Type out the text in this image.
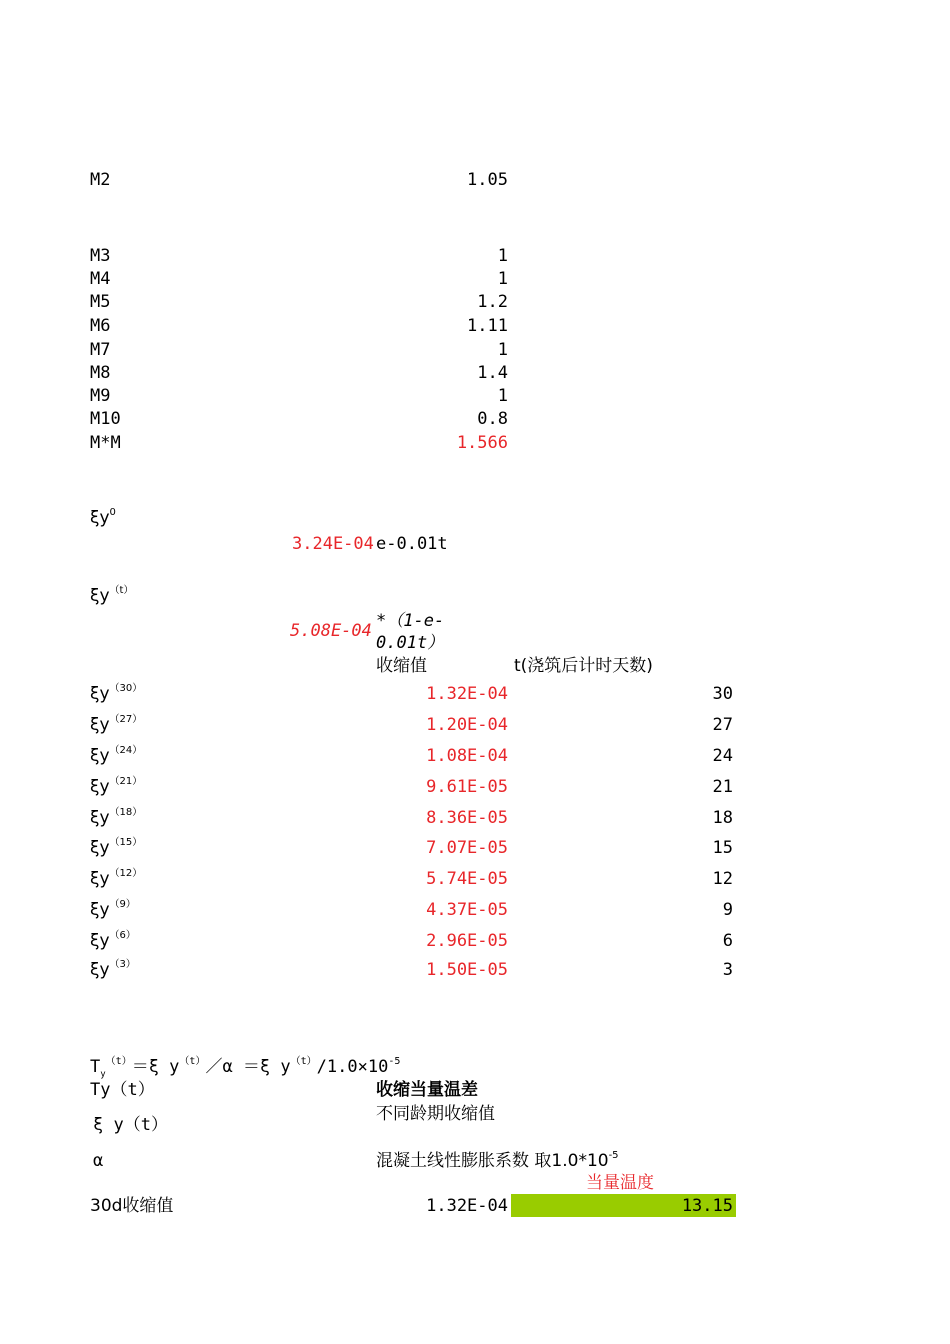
M2	1.05
M3	1
M4	1
M5	1.2
M6	1.11
M7	1
M8	1.4
M9	1
M10	0.8
M*M	1.566
$\xi y^0$
3.24E-04 e-0.01t
$\xi y^{(t)}$
5.08E-04 *（1-e-
0.01t）
收缩值	t(浇筑后计时天数)
$\xi y^{(30)}$	1.32E-04	30
$\xi y^{(27)}$	1.20E-04	27
$\xi y^{(24)}$	1.08E-04	24
$\xi y^{(21)}$	9.61E-05	21
$\xi y^{(18)}$	8.36E-05	18
$\xi y^{(15)}$	7.07E-05	15
$\xi y^{(12)}$	5.74E-05	12
$\xi y^{(9)}$	4.37E-05	9
$\xi y^{(6)}$	2.96E-05	6
$\xi y^{(3)}$	1.50E-05	3
$T_y^{(t)}=\xi$ $y^{(t)}/\alpha =\xi$ $y^{(t)}/1.0\times 10^{-5}$
Ty（t）	收缩当量温差
ξ y（t）
不同龄期收缩值
α	混凝土线性膨胀系数 取$1.0*10^{-5}$
当量温度
30d收缩值	1.32E-04	13.15
